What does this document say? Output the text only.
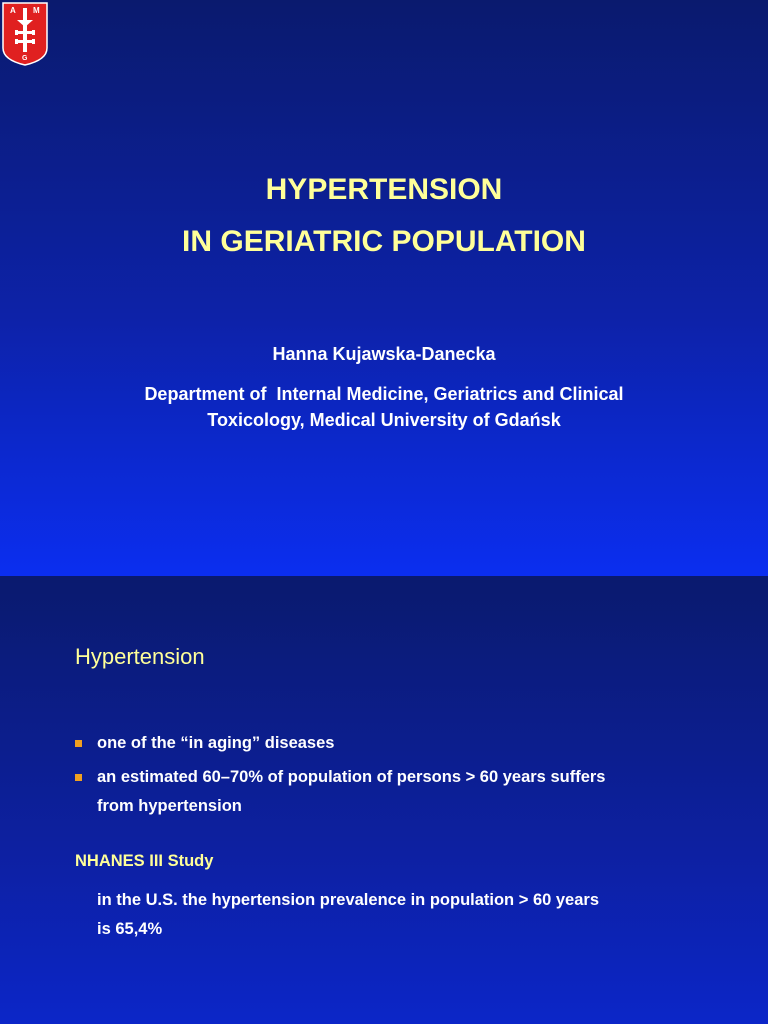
A M
G
HYPERTENSION
IN GERIATRIC POPULATION
Hanna Kujawska-Danecka
Department of  Internal Medicine, Geriatrics and Clinical
Toxicology, Medical University of Gdańsk
Hypertension
one of the “in aging” diseases
an estimated 60–70% of population of persons > 60 years suffers
from hypertension
NHANES III Study
in the U.S. the hypertension prevalence in population > 60 years
is 65,4%
